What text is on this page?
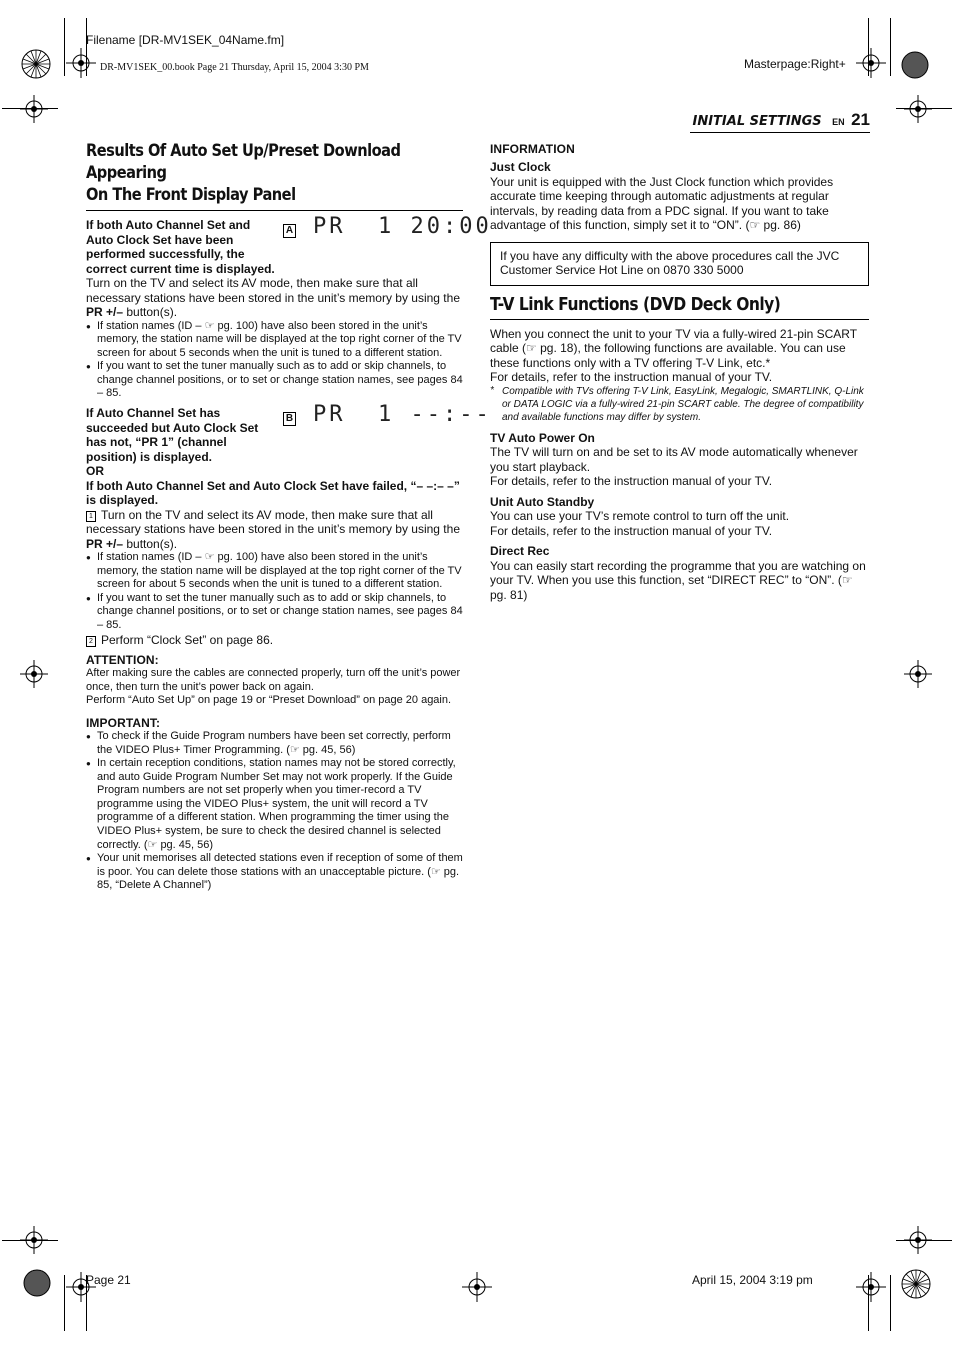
Filename [DR-MV1SEK_04Name.fm]
DR-MV1SEK_00.book Page 21 Thursday, April 15, 2004 3:30 PM	Masterpage:Right+
Page 21	April 15, 2004 3:19 pm
INITIAL SETTINGS EN 21
Results Of Auto Set Up/Preset Download Appearing
On The Front Display Panel

If both Auto Channel Set and Auto Clock Set have been performed successfully, the correct current time is displayed.

A PR  1 20:00

Turn on the TV and select its AV mode, then make sure that all necessary stations have been stored in the unit’s memory by using the PR +/– button(s).

● If station names (ID – ☞ pg. 100) have also been stored in the unit’s memory, the station name will be displayed at the top right corner of the TV screen for about 5 seconds when the unit is tuned to a different station.

● If you want to set the tuner manually such as to add or skip channels, to change channel positions, or to set or change station names, see pages 84 – 85.

If Auto Channel Set has succeeded but Auto Clock Set has not, “PR 1” (channel position) is displayed.

B PR  1 --:--

OR

If both Auto Channel Set and Auto Clock Set have failed, “– –:– –” is displayed.

1 Turn on the TV and select its AV mode, then make sure that all necessary stations have been stored in the unit’s memory by using the PR +/– button(s).

● If station names (ID – ☞ pg. 100) have also been stored in the unit’s memory, the station name will be displayed at the top right corner of the TV screen for about 5 seconds when the unit is tuned to a different station.

● If you want to set the tuner manually such as to add or skip channels, to change channel positions, or to set or change station names, see pages 84 – 85.

2 Perform “Clock Set” on page 86.

ATTENTION:

After making sure the cables are connected properly, turn off the unit’s power once, then turn the unit’s power back on again.

Perform “Auto Set Up” on page 19 or “Preset Download” on page 20 again.

IMPORTANT:

● To check if the Guide Program numbers have been set correctly, perform the VIDEO Plus+ Timer Programming. (☞ pg. 45, 56)

● In certain reception conditions, station names may not be stored correctly, and auto Guide Program Number Set may not work properly. If the Guide Program numbers are not set properly when you timer-record a TV programme using the VIDEO Plus+ system, the unit will record a TV programme of a different station. When programming the timer using the VIDEO Plus+ system, be sure to check the desired channel is selected correctly. (☞ pg. 45, 56)

● Your unit memorises all detected stations even if reception of some of them is poor. You can delete those stations with an unacceptable picture. (☞ pg. 85, “Delete A Channel”)

INFORMATION

Just Clock

Your unit is equipped with the Just Clock function which provides accurate time keeping through automatic adjustments at regular intervals, by reading data from a PDC signal. If you want to take advantage of this function, simply set it to “ON”. (☞ pg. 86)

If you have any difficulty with the above procedures call the JVC Customer Service Hot Line on 0870 330 5000

T-V Link Functions (DVD Deck Only)

When you connect the unit to your TV via a fully-wired 21-pin SCART cable (☞ pg. 18), the following functions are available. You can use these functions only with a TV offering T-V Link, etc.*

For details, refer to the instruction manual of your TV.

* Compatible with TVs offering T-V Link, EasyLink, Megalogic, SMARTLINK, Q-Link or DATA LOGIC via a fully-wired 21-pin SCART cable. The degree of compatibility and available functions may differ by system.

TV Auto Power On

The TV will turn on and be set to its AV mode automatically whenever you start playback.

For details, refer to the instruction manual of your TV.

Unit Auto Standby

You can use your TV’s remote control to turn off the unit.

For details, refer to the instruction manual of your TV.

Direct Rec

You can easily start recording the programme that you are watching on your TV. When you use this function, set “DIRECT REC” to “ON”. (☞ pg. 81)
